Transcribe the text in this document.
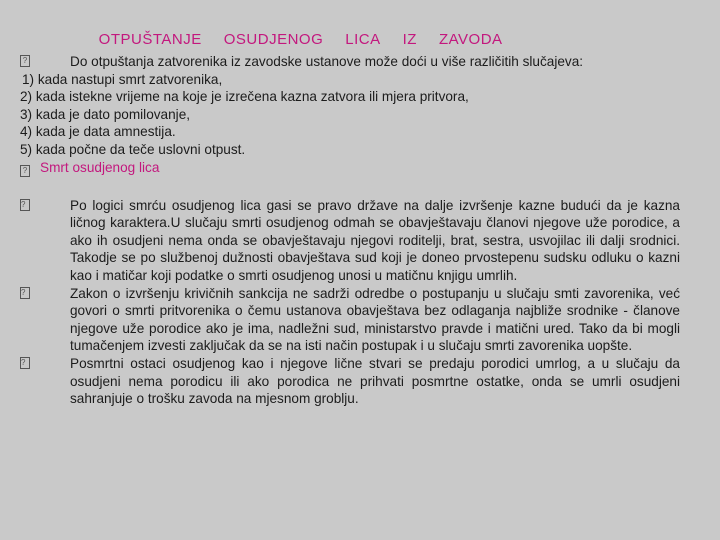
OTPUŠTANJE OSUDJENOG LICA IZ ZAVODA

?	Do otpuštanja zatvorenika iz zavodske ustanove može doći u više različitih slučajeva:
1) kada nastupi smrt zatvorenika,
2) kada istekne vrijeme na koje je izrečena kazna zatvora ili mjera pritvora,
3) kada je dato pomilovanje,
4) kada je data amnestija.
5) kada počne da teče uslovni otpust.
? Smrt osudjenog lica
?	Po logici smrću osudjenog lica gasi se pravo države na dalje izvršenje kazne budući da je kazna ličnog karaktera.U slučaju smrti osudjenog odmah se obavještavaju članovi njegove uže porodice, a ako ih osudjeni nema onda se obavještavaju njegovi roditelji, brat, sestra, usvojilac ili dalji srodnici. Takodje se po službenoj dužnosti obavještava sud koji je doneo prvostepenu sudsku odluku o kazni kao i matičar koji podatke o smrti osudjenog unosi u matičnu knjigu umrlih.
?	Zakon o izvršenju krivičnih sankcija ne sadrži odredbe o postupanju u slučaju smti zavorenika, već govori o smrti pritvorenika o čemu ustanova obavještava bez odlaganja najbliže srodnike - članove njegove uže porodice ako je ima, nadležni sud, ministarstvo pravde i matični ured. Tako da bi mogli tumačenjem izvesti zaključak da se na isti način postupak i u slučaju smrti zavorenika uopšte.
?	Posmrtni ostaci osudjenog kao i njegove lične stvari se predaju porodici umrlog, a u slučaju da osudjeni nema porodicu ili ako porodica ne prihvati posmrtne ostatke, onda se umrli osudjeni sahranjuje o trošku zavoda na mjesnom groblju.
